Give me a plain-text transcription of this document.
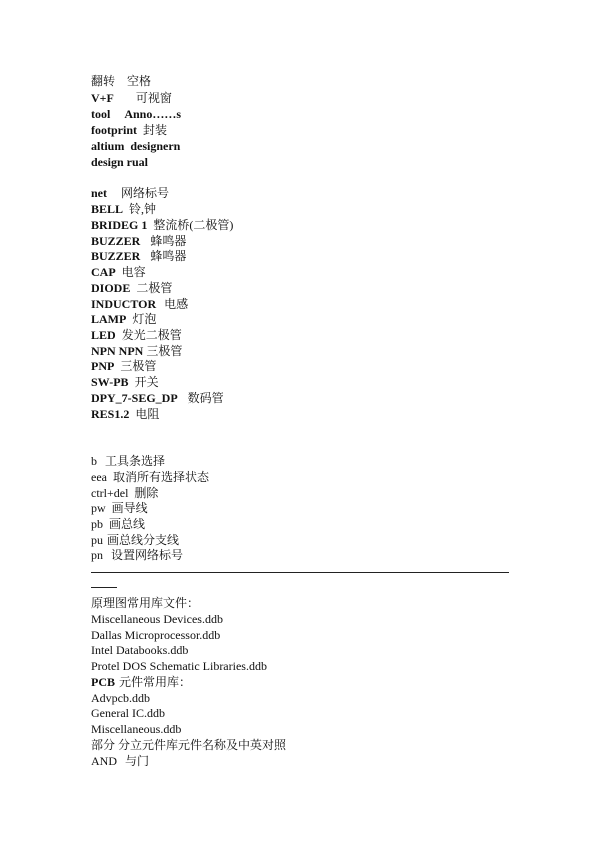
翻转 空格
V+F 可视窗
tool Anno……s
footprint 封装
altium designern
design rual
net 网络标号
BELL 铃,钟
BRIDEG 1 整流桥(二极管)
BUZZER 蜂鸣器
BUZZER 蜂鸣器
CAP 电容
DIODE 二极管
INDUCTOR 电感
LAMP 灯泡
LED 发光二极管
NPN NPN 三极管
PNP 三极管
SW-PB 开关
DPY_7-SEG_DP 数码管
RES1.2 电阻
b 工具条选择
eea 取消所有选择状态
ctrl+del 删除
pw 画导线
pb 画总线
pu 画总线分支线
pn 设置网络标号
原理图常用库文件：
Miscellaneous Devices.ddb
Dallas Microprocessor.ddb
Intel Databooks.ddb
Protel DOS Schematic Libraries.ddb
PCB 元件常用库：
Advpcb.ddb
General IC.ddb
Miscellaneous.ddb
部分 分立元件库元件名称及中英对照
AND 与门
